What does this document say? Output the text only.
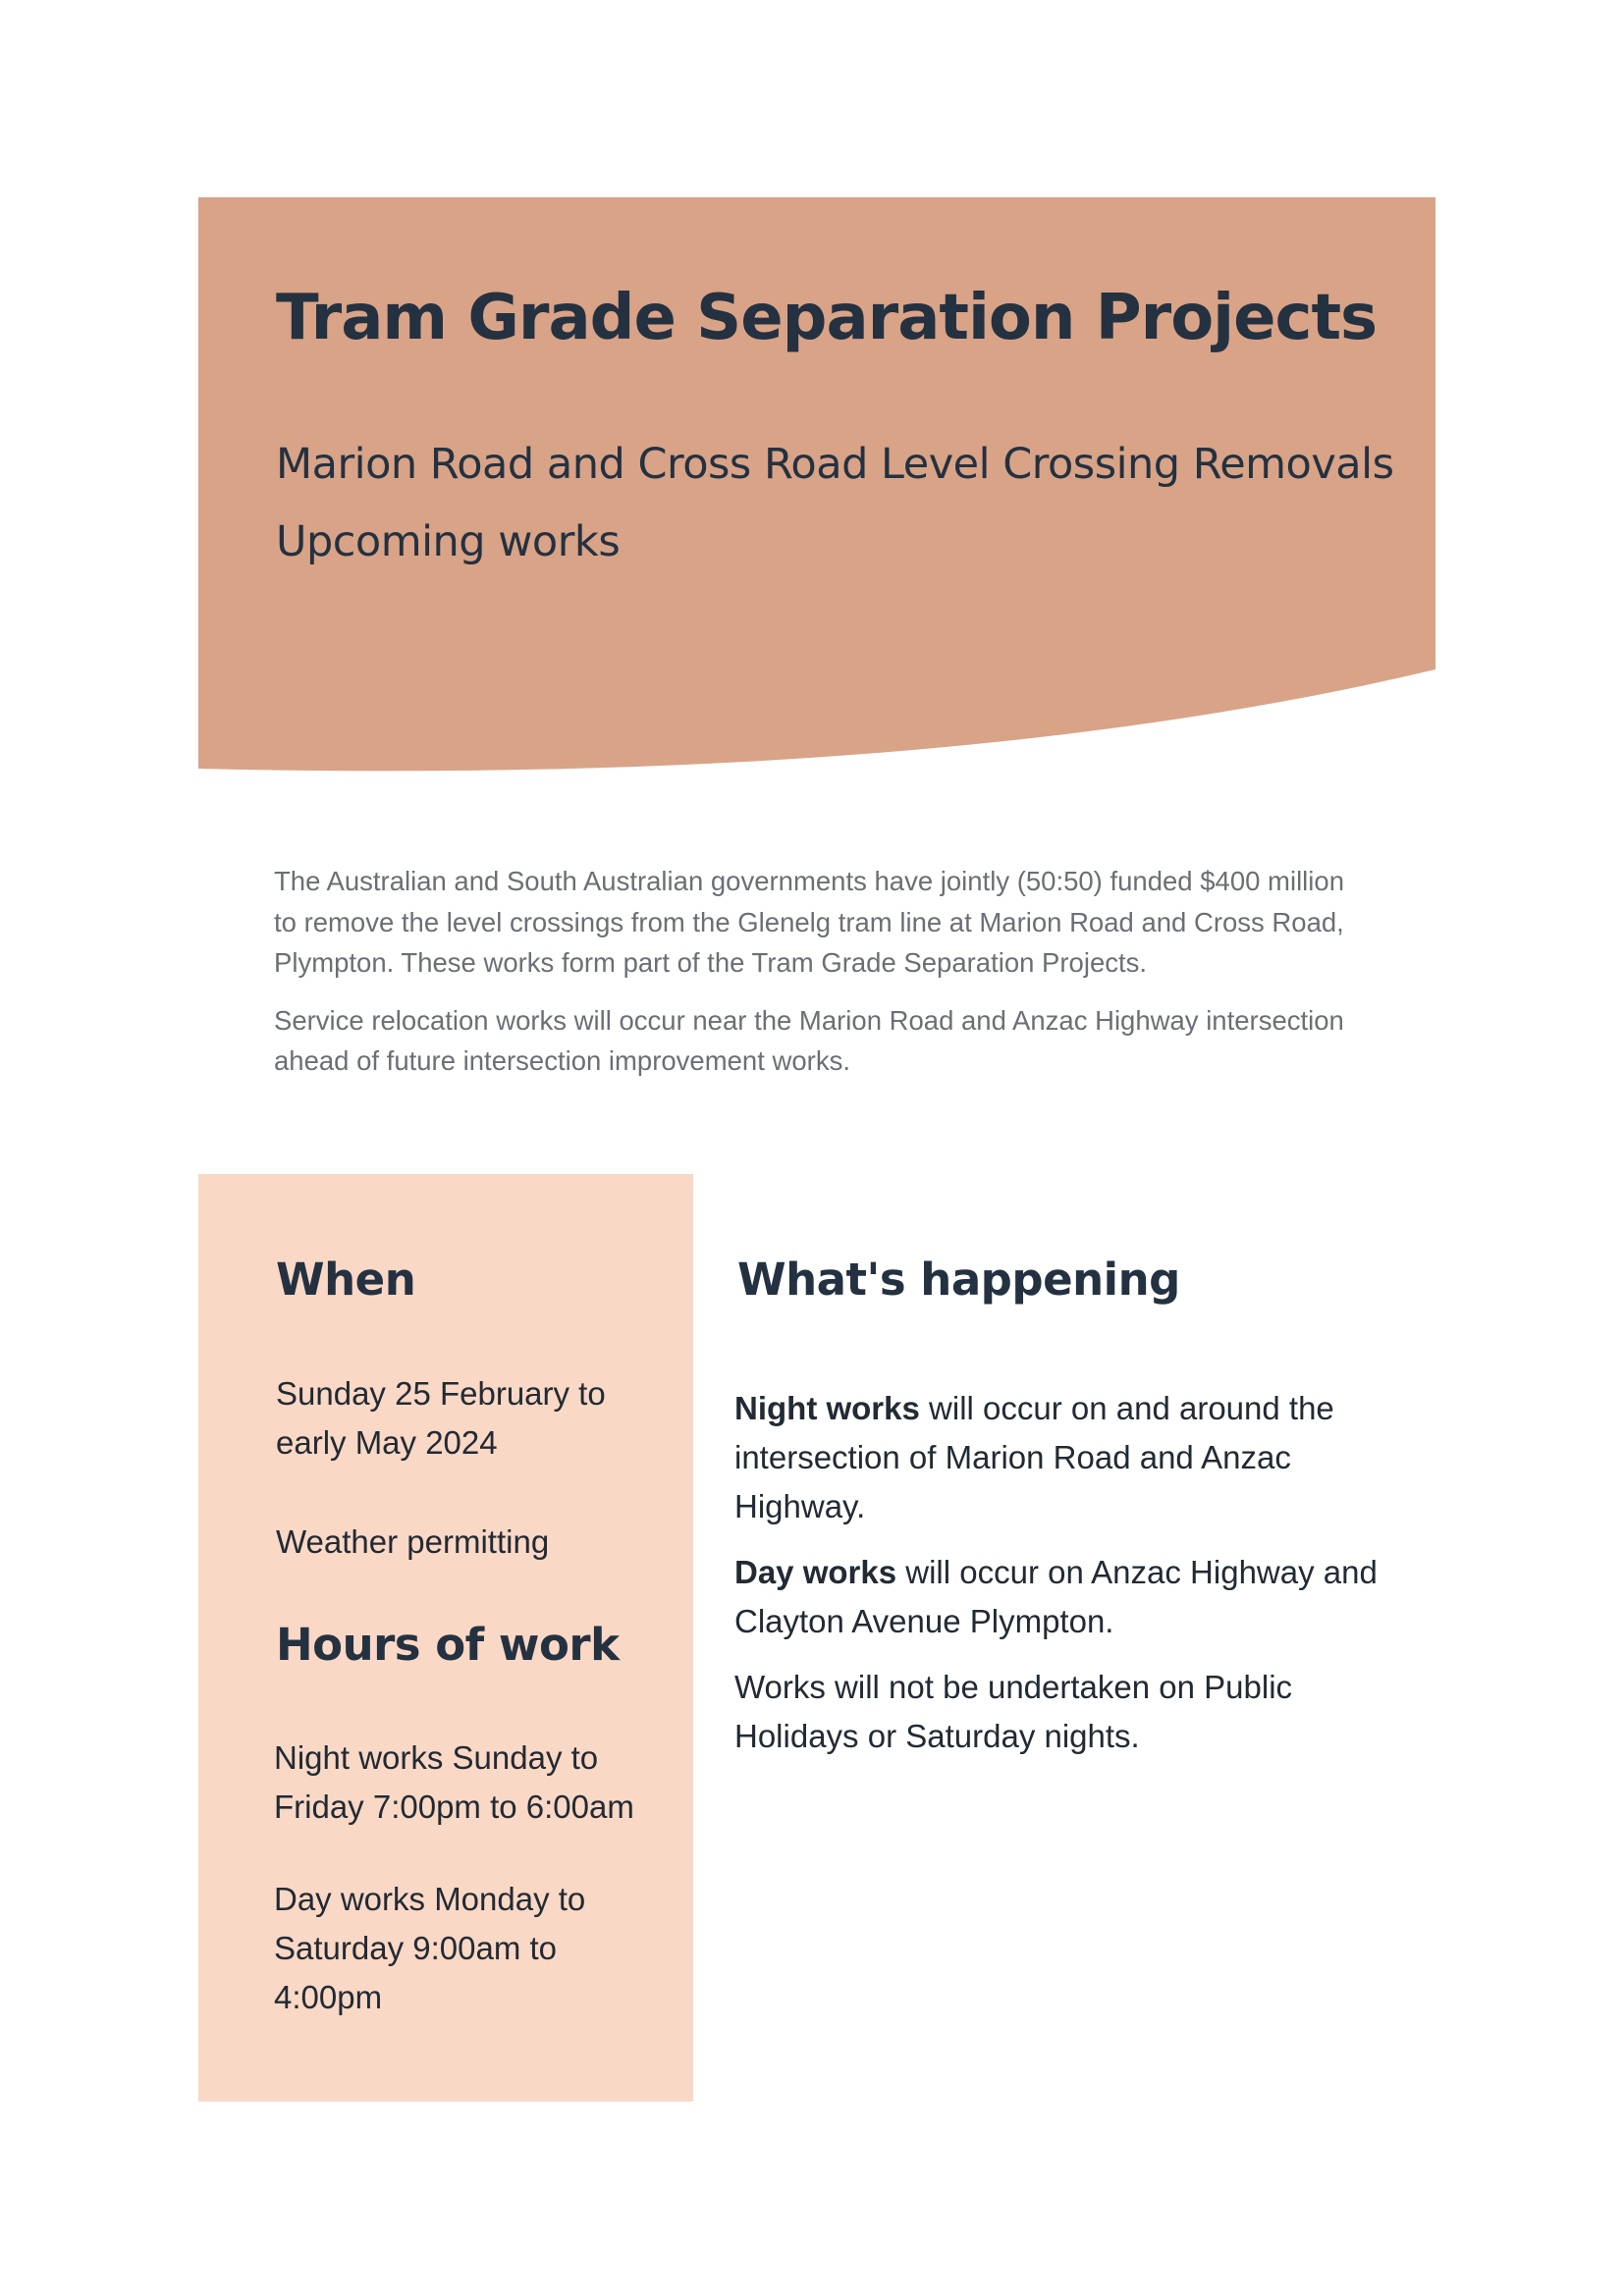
Tram Grade Separation Projects

Marion Road and Cross Road Level Crossing Removals

Upcoming works

The Australian and South Australian governments have jointly (50:50) funded $400 million to remove the level crossings from the Glenelg tram line at Marion Road and Cross Road, Plympton. These works form part of the Tram Grade Separation Projects.

Service relocation works will occur near the Marion Road and Anzac Highway intersection ahead of future intersection improvement works.

When

Sunday 25 February to early May 2024

Weather permitting

Hours of work

Night works Sunday to Friday 7:00pm to 6:00am

Day works Monday to Saturday 9:00am to 4:00pm

What's happening

Night works will occur on and around the intersection of Marion Road and Anzac Highway.

Day works will occur on Anzac Highway and Clayton Avenue Plympton.

Works will not be undertaken on Public Holidays or Saturday nights.
